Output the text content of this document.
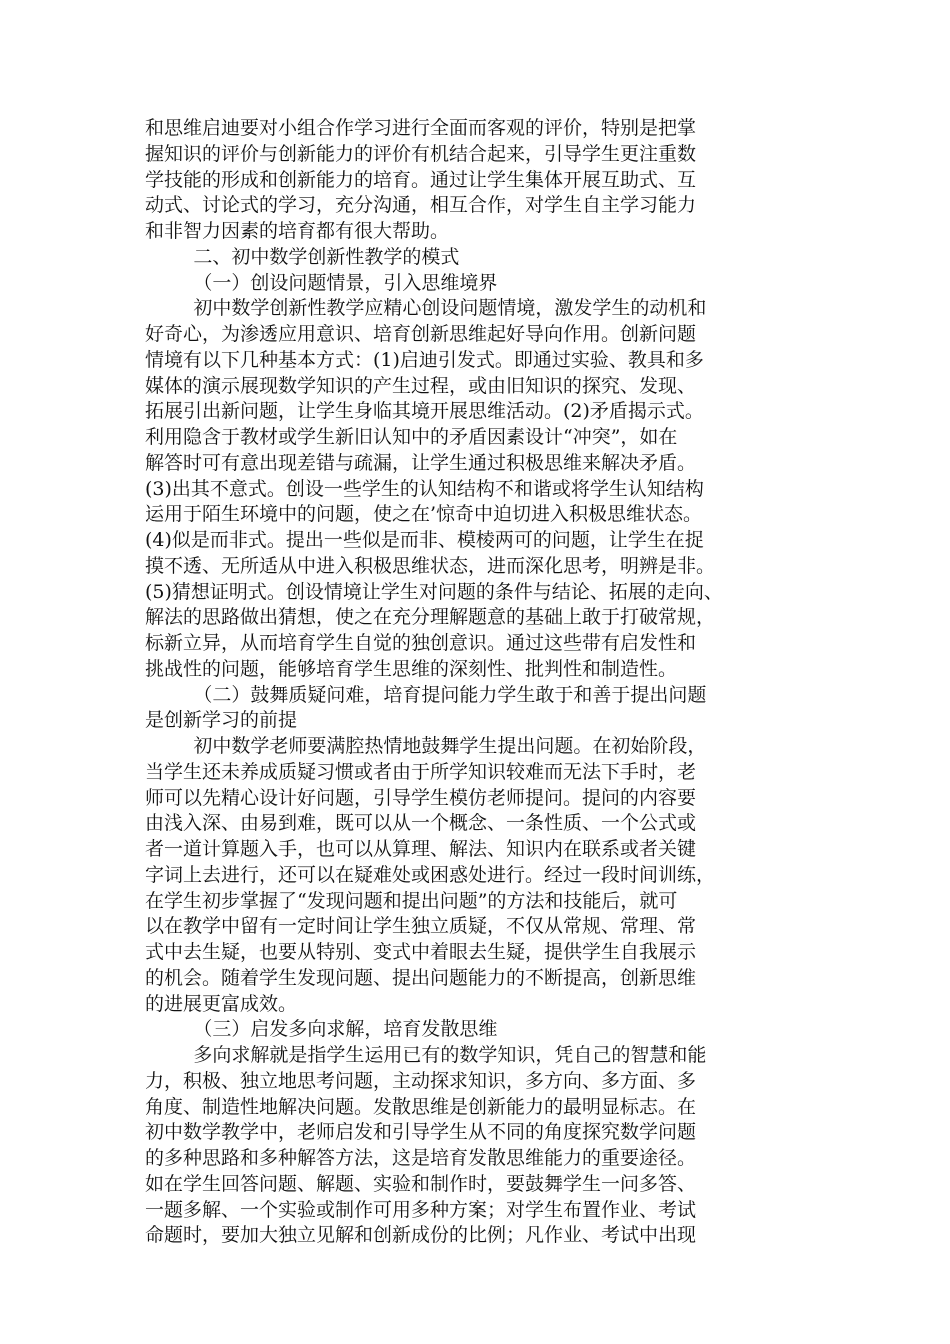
和思维启迪要对小组合作学习进行全面而客观的评价，特别是把掌
握知识的评价与创新能力的评价有机结合起来，引导学生更注重数
学技能的形成和创新能力的培育。通过让学生集体开展互助式、互
动式、讨论式的学习，充分沟通，相互合作，对学生自主学习能力
和非智力因素的培育都有很大帮助。
二、初中数学创新性教学的模式
（一）创设问题情景，引入思维境界
初中数学创新性教学应精心创设问题情境，激发学生的动机和
好奇心，为渗透应用意识、培育创新思维起好导向作用。创新问题
情境有以下几种基本方式：(1)启迪引发式。即通过实验、教具和多
媒体的演示展现数学知识的产生过程，或由旧知识的探究、发现、
拓展引出新问题，让学生身临其境开展思维活动。(2)矛盾揭示式。
利用隐含于教材或学生新旧认知中的矛盾因素设计“冲突”，如在
解答时可有意出现差错与疏漏，让学生通过积极思维来解决矛盾。
(3)出其不意式。创设一些学生的认知结构不和谐或将学生认知结构
运用于陌生环境中的问题，使之在’惊奇中迫切进入积极思维状态。
(4)似是而非式。提出一些似是而非、模棱两可的问题，让学生在捉
摸不透、无所适从中进入积极思维状态，进而深化思考，明辨是非。
(5)猜想证明式。创设情境让学生对问题的条件与结论、拓展的走向、
解法的思路做出猜想，使之在充分理解题意的基础上敢于打破常规，
标新立异，从而培育学生自觉的独创意识。通过这些带有启发性和
挑战性的问题，能够培育学生思维的深刻性、批判性和制造性。
（二）鼓舞质疑问难，培育提问能力学生敢于和善于提出问题
是创新学习的前提
初中数学老师要满腔热情地鼓舞学生提出问题。在初始阶段，
当学生还未养成质疑习惯或者由于所学知识较难而无法下手时，老
师可以先精心设计好问题，引导学生模仿老师提问。提问的内容要
由浅入深、由易到难，既可以从一个概念、一条性质、一个公式或
者一道计算题入手，也可以从算理、解法、知识内在联系或者关键
字词上去进行，还可以在疑难处或困惑处进行。经过一段时间训练，
在学生初步掌握了“发现问题和提出问题”的方法和技能后，就可
以在教学中留有一定时间让学生独立质疑，不仅从常规、常理、常
式中去生疑，也要从特别、变式中着眼去生疑，提供学生自我展示
的机会。随着学生发现问题、提出问题能力的不断提高，创新思维
的进展更富成效。
（三）启发多向求解，培育发散思维
多向求解就是指学生运用已有的数学知识，凭自己的智慧和能
力，积极、独立地思考问题，主动探求知识，多方向、多方面、多
角度、制造性地解决问题。发散思维是创新能力的最明显标志。在
初中数学教学中，老师启发和引导学生从不同的角度探究数学问题
的多种思路和多种解答方法，这是培育发散思维能力的重要途径。
如在学生回答问题、解题、实验和制作时，要鼓舞学生一问多答、
一题多解、一个实验或制作可用多种方案；对学生布置作业、考试
命题时，要加大独立见解和创新成份的比例；凡作业、考试中出现
